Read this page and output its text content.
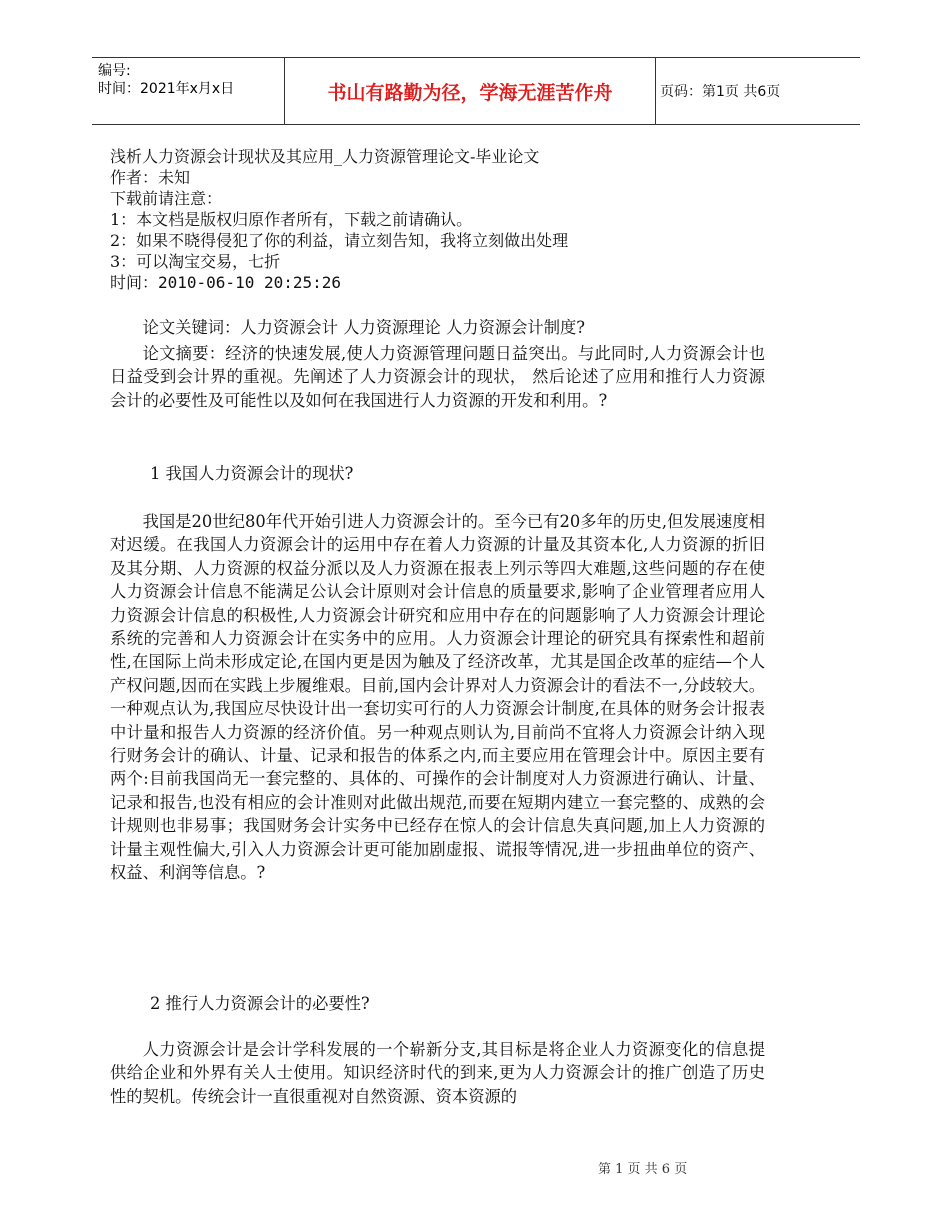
编号:
时间：2021年x月x日	书山有路勤为径，学海无涯苦作舟	页码：第1页 共6页
浅析人力资源会计现状及其应用_人力资源管理论文-毕业论文
作者：未知
下载前请注意：
1：本文档是版权归原作者所有，下载之前请确认。
2：如果不晓得侵犯了你的利益，请立刻告知，我将立刻做出处理
3：可以淘宝交易，七折
时间：2010-06-10 20:25:26
论文关键词：人力资源会计 人力资源理论 人力资源会计制度?
论文摘要：经济的快速发展,使人力资源管理问题日益突出。与此同时,人力资源会计也日益受到会计界的重视。先阐述了人力资源会计的现状， 然后论述了应用和推行人力资源会计的必要性及可能性以及如何在我国进行人力资源的开发和利用。?
1 我国人力资源会计的现状?
我国是20世纪80年代开始引进人力资源会计的。至今已有20多年的历史,但发展速度相对迟缓。在我国人力资源会计的运用中存在着人力资源的计量及其资本化,人力资源的折旧及其分期、人力资源的权益分派以及人力资源在报表上列示等四大难题,这些问题的存在使人力资源会计信息不能满足公认会计原则对会计信息的质量要求,影响了企业管理者应用人力资源会计信息的积极性,人力资源会计研究和应用中存在的问题影响了人力资源会计理论系统的完善和人力资源会计在实务中的应用。人力资源会计理论的研究具有探索性和超前性,在国际上尚未形成定论,在国内更是因为触及了经济改革，尤其是国企改革的症结—个人产权问题,因而在实践上步履维艰。目前,国内会计界对人力资源会计的看法不一,分歧较大。一种观点认为,我国应尽快设计出一套切实可行的人力资源会计制度,在具体的财务会计报表中计量和报告人力资源的经济价值。另一种观点则认为,目前尚不宜将人力资源会计纳入现行财务会计的确认、计量、记录和报告的体系之内,而主要应用在管理会计中。原因主要有两个:目前我国尚无一套完整的、具体的、可操作的会计制度对人力资源进行确认、计量、记录和报告,也没有相应的会计准则对此做出规范,而要在短期内建立一套完整的、成熟的会计规则也非易事；我国财务会计实务中已经存在惊人的会计信息失真问题,加上人力资源的计量主观性偏大,引入人力资源会计更可能加剧虚报、谎报等情况,进一步扭曲单位的资产、权益、利润等信息。?
2 推行人力资源会计的必要性?
人力资源会计是会计学科发展的一个崭新分支,其目标是将企业人力资源变化的信息提供给企业和外界有关人士使用。知识经济时代的到来,更为人力资源会计的推广创造了历史性的契机。传统会计一直很重视对自然资源、资本资源的
第 1 页 共 6 页
